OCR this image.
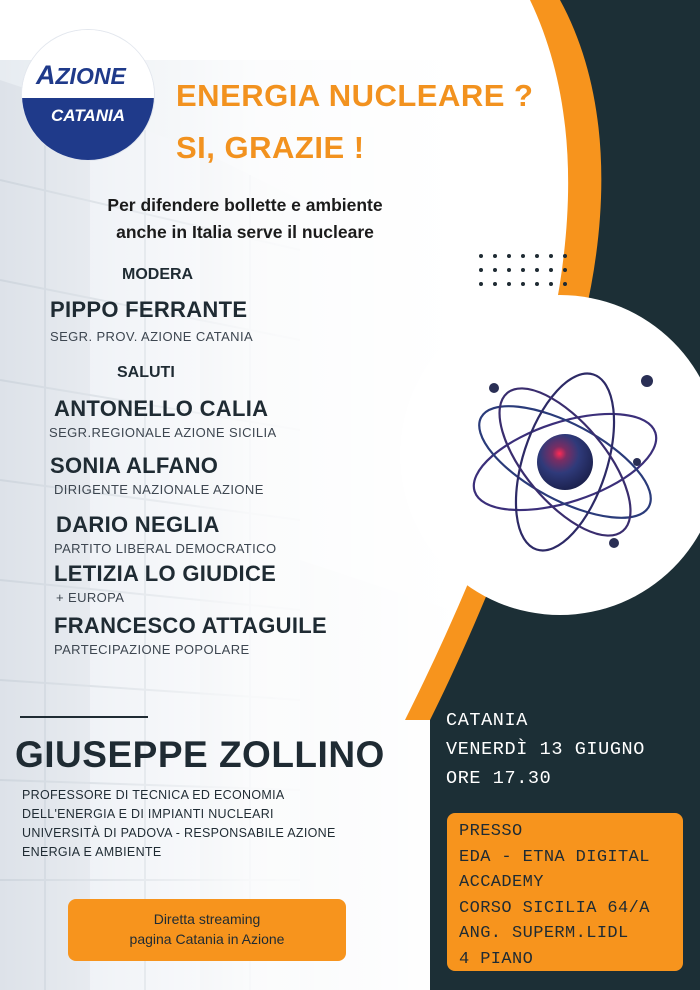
AZIONE
CATANIA
ENERGIA NUCLEARE ?
SI, GRAZIE !
Per difendere bollette e ambiente
anche in Italia serve il nucleare
MODERA
PIPPO FERRANTE
SEGR. PROV. AZIONE CATANIA
SALUTI
ANTONELLO CALIA
SEGR.REGIONALE AZIONE SICILIA
SONIA ALFANO
DIRIGENTE NAZIONALE AZIONE
DARIO NEGLIA
PARTITO LIBERAL DEMOCRATICO
LETIZIA LO GIUDICE
+ EUROPA
FRANCESCO ATTAGUILE
PARTECIPAZIONE POPOLARE
GIUSEPPE ZOLLINO
PROFESSORE DI TECNICA ED ECONOMIA
DELL'ENERGIA E DI IMPIANTI NUCLEARI
UNIVERSITÀ DI PADOVA - RESPONSABILE AZIONE
ENERGIA E AMBIENTE
Diretta streaming
pagina Catania in Azione
CATANIA
VENERDÌ 13 GIUGNO
ORE 17.30
PRESSO
EDA - ETNA DIGITAL
ACCADEMY
CORSO SICILIA 64/A
ANG. SUPERM.LIDL
4 PIANO
